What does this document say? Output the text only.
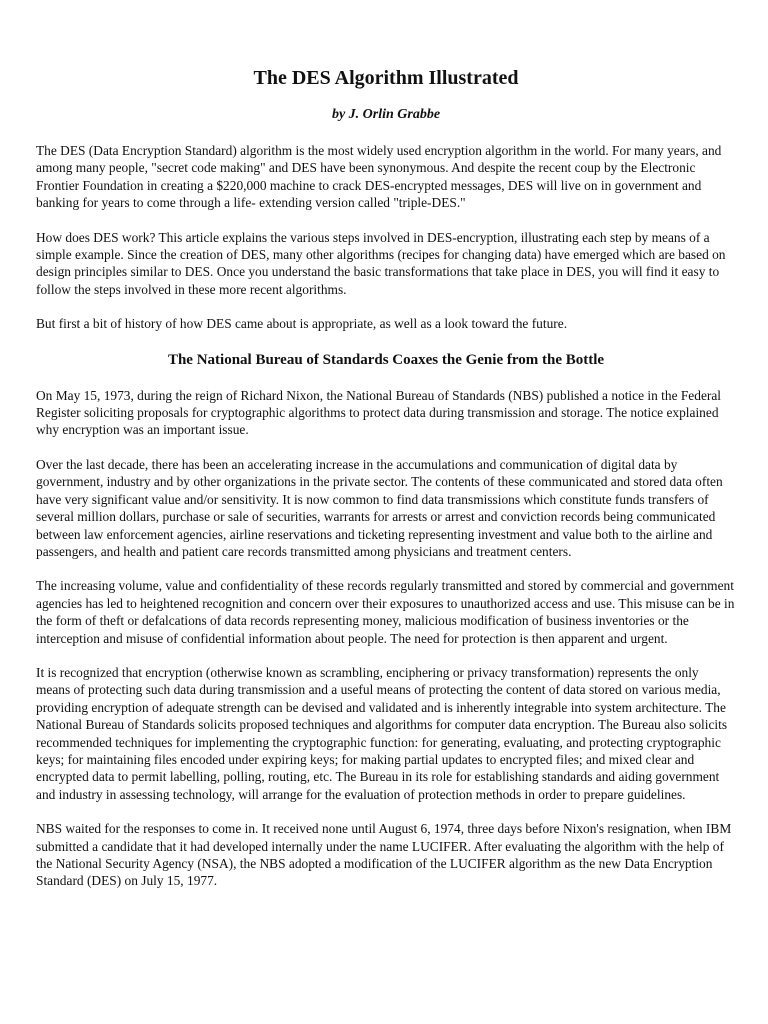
The DES Algorithm Illustrated
by J. Orlin Grabbe

The DES (Data Encryption Standard) algorithm is the most widely used encryption algorithm in the world. For many years, and among many people, "secret code making" and DES have been synonymous. And despite the recent coup by the Electronic Frontier Foundation in creating a $220,000 machine to crack DES-encrypted messages, DES will live on in government and banking for years to come through a life- extending version called "triple-DES."

How does DES work? This article explains the various steps involved in DES-encryption, illustrating each step by means of a simple example. Since the creation of DES, many other algorithms (recipes for changing data) have emerged which are based on design principles similar to DES. Once you understand the basic transformations that take place in DES, you will find it easy to follow the steps involved in these more recent algorithms.

But first a bit of history of how DES came about is appropriate, as well as a look toward the future.

The National Bureau of Standards Coaxes the Genie from the Bottle

On May 15, 1973, during the reign of Richard Nixon, the National Bureau of Standards (NBS) published a notice in the Federal Register soliciting proposals for cryptographic algorithms to protect data during transmission and storage. The notice explained why encryption was an important issue.

Over the last decade, there has been an accelerating increase in the accumulations and communication of digital data by government, industry and by other organizations in the private sector. The contents of these communicated and stored data often have very significant value and/or sensitivity. It is now common to find data transmissions which constitute funds transfers of several million dollars, purchase or sale of securities, warrants for arrests or arrest and conviction records being communicated between law enforcement agencies, airline reservations and ticketing representing investment and value both to the airline and passengers, and health and patient care records transmitted among physicians and treatment centers.

The increasing volume, value and confidentiality of these records regularly transmitted and stored by commercial and government agencies has led to heightened recognition and concern over their exposures to unauthorized access and use. This misuse can be in the form of theft or defalcations of data records representing money, malicious modification of business inventories or the interception and misuse of confidential information about people. The need for protection is then apparent and urgent.

It is recognized that encryption (otherwise known as scrambling, enciphering or privacy transformation) represents the only means of protecting such data during transmission and a useful means of protecting the content of data stored on various media, providing encryption of adequate strength can be devised and validated and is inherently integrable into system architecture. The National Bureau of Standards solicits proposed techniques and algorithms for computer data encryption. The Bureau also solicits recommended techniques for implementing the cryptographic function: for generating, evaluating, and protecting cryptographic keys; for maintaining files encoded under expiring keys; for making partial updates to encrypted files; and mixed clear and encrypted data to permit labelling, polling, routing, etc. The Bureau in its role for establishing standards and aiding government and industry in assessing technology, will arrange for the evaluation of protection methods in order to prepare guidelines.

NBS waited for the responses to come in. It received none until August 6, 1974, three days before Nixon's resignation, when IBM submitted a candidate that it had developed internally under the name LUCIFER. After evaluating the algorithm with the help of the National Security Agency (NSA), the NBS adopted a modification of the LUCIFER algorithm as the new Data Encryption Standard (DES) on July 15, 1977.
